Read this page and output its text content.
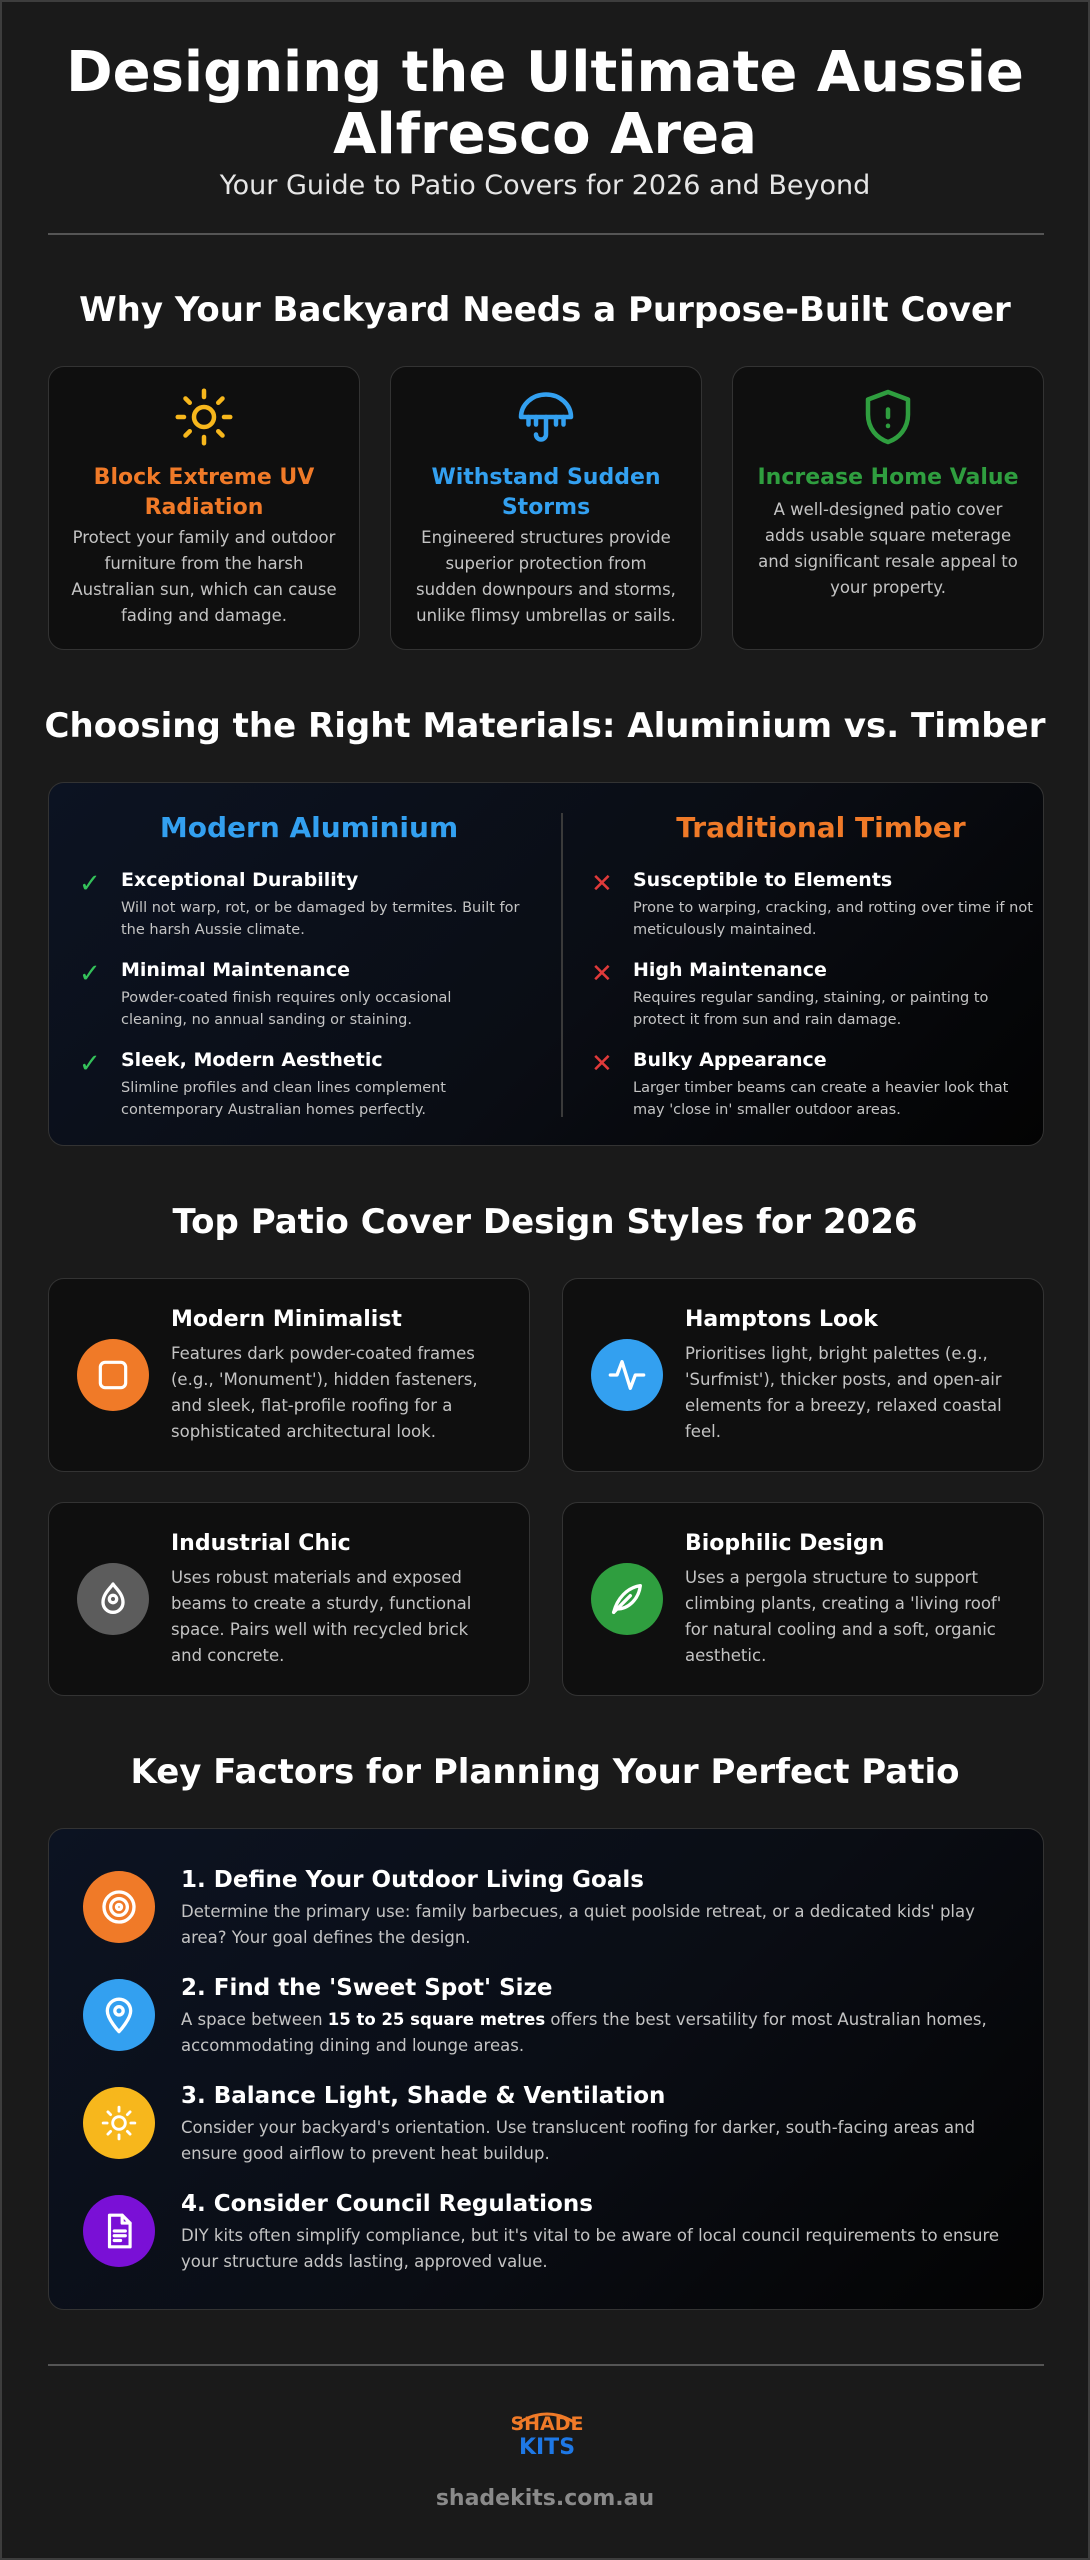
Designing the Ultimate Aussie
Alfresco Area

Your Guide to Patio Covers for 2026 and Beyond

Why Your Backyard Needs a Purpose-Built Cover
Block Extreme UV Radiation
Protect your family and outdoor furniture from the harsh Australian sun, which can cause fading and damage.
Withstand Sudden Storms
Engineered structures provide superior protection from sudden downpours and storms, unlike flimsy umbrellas or sails.
Increase Home Value
A well-designed patio cover adds usable square meterage and significant resale appeal to your property.
Choosing the Right Materials: Aluminium vs. Timber
Modern Aluminium	Traditional Timber
✓	Exceptional Durability
Will not warp, rot, or be damaged by termites. Built for the harsh Aussie climate.
✓	Minimal Maintenance
Powder-coated finish requires only occasional cleaning, no annual sanding or staining.
✓	Sleek, Modern Aesthetic
Slimline profiles and clean lines complement contemporary Australian homes perfectly.
✕	Susceptible to Elements
Prone to warping, cracking, and rotting over time if not meticulously maintained.
✕	High Maintenance
Requires regular sanding, staining, or painting to protect it from sun and rain damage.
✕	Bulky Appearance
Larger timber beams can create a heavier look that may 'close in' smaller outdoor areas.
Top Patio Cover Design Styles for 2026
Modern Minimalist
Features dark powder-coated frames (e.g., 'Monument'), hidden fasteners, and sleek, flat-profile roofing for a sophisticated architectural look.
Hamptons Look
Prioritises light, bright palettes (e.g., 'Surfmist'), thicker posts, and open-air elements for a breezy, relaxed coastal feel.
Industrial Chic
Uses robust materials and exposed beams to create a sturdy, functional space. Pairs well with recycled brick and concrete.
Biophilic Design
Uses a pergola structure to support climbing plants, creating a 'living roof' for natural cooling and a soft, organic aesthetic.
Key Factors for Planning Your Perfect Patio
1. Define Your Outdoor Living Goals
Determine the primary use: family barbecues, a quiet poolside retreat, or a dedicated kids' play area? Your goal defines the design.
2. Find the 'Sweet Spot' Size
A space between 15 to 25 square metres offers the best versatility for most Australian homes, accommodating dining and lounge areas.
3. Balance Light, Shade & Ventilation
Consider your backyard's orientation. Use translucent roofing for darker, south-facing areas and ensure good airflow to prevent heat buildup.
4. Consider Council Regulations
DIY kits often simplify compliance, but it's vital to be aware of local council requirements to ensure your structure adds lasting, approved value.
SHADE
KITS
shadekits.com.au
